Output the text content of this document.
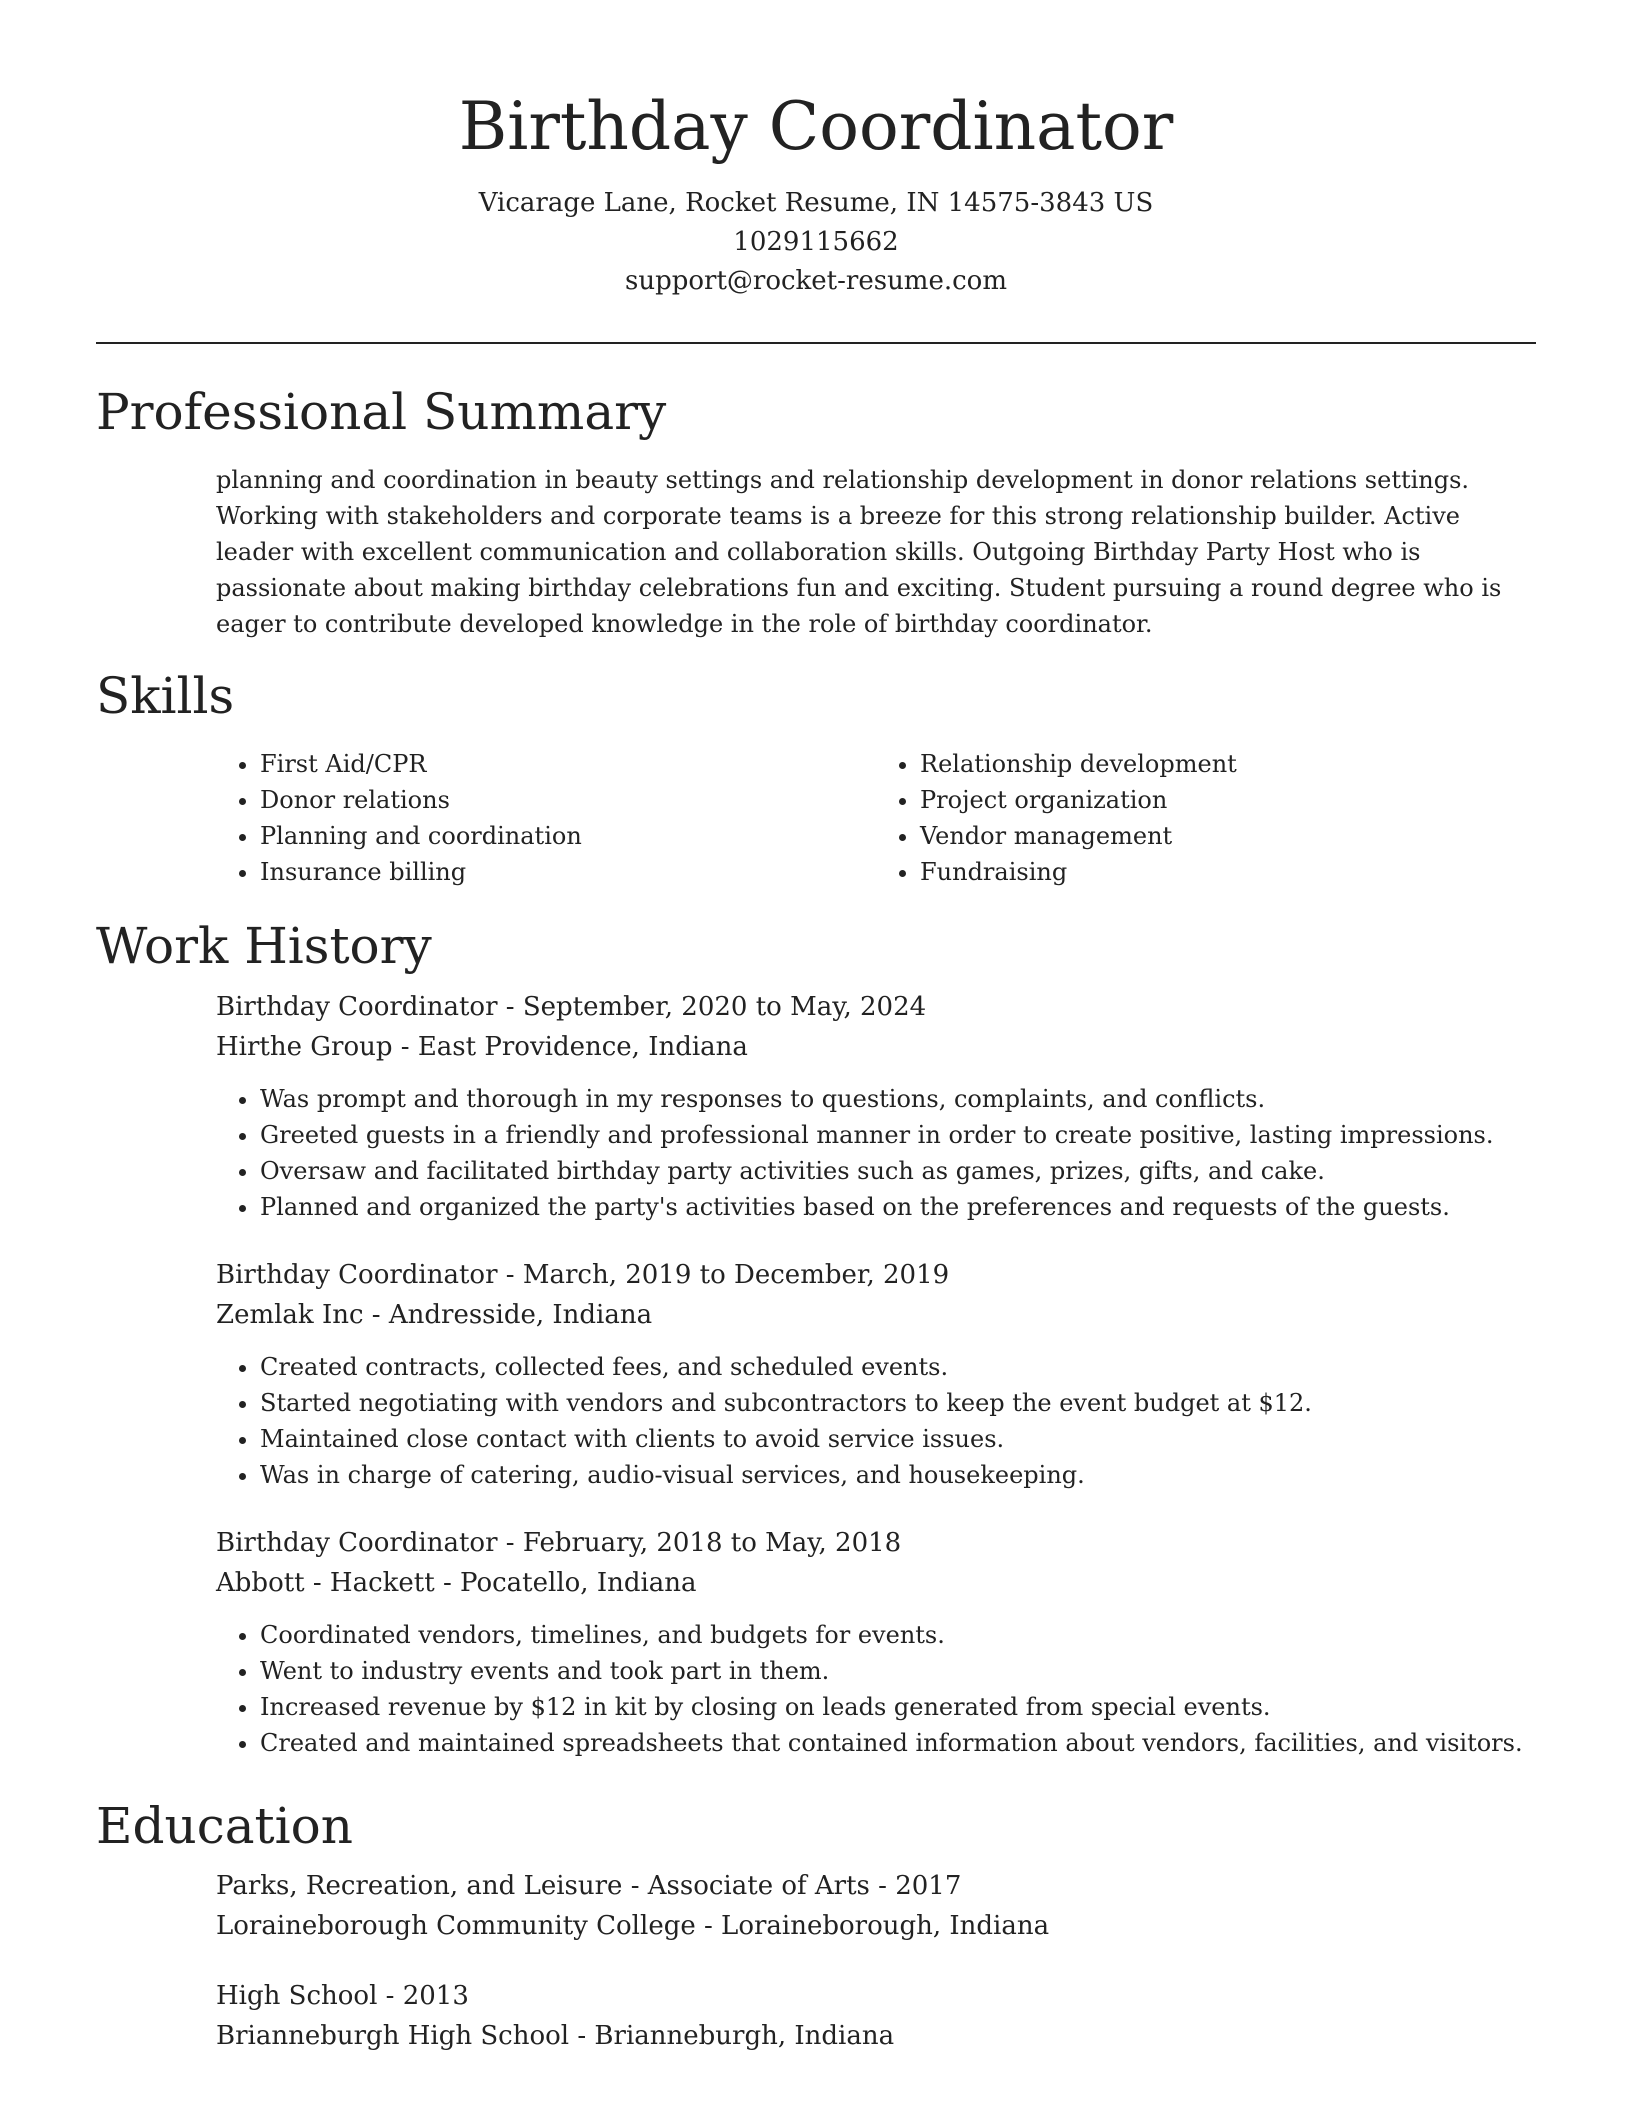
Birthday Coordinator
Vicarage Lane, Rocket Resume, IN 14575-3843 US
1029115662
support@rocket-resume.com
Professional Summary

planning and coordination in beauty settings and relationship development in donor relations settings. Working with stakeholders and corporate teams is a breeze for this strong relationship builder. Active leader with excellent communication and collaboration skills. Outgoing Birthday Party Host who is passionate about making birthday celebrations fun and exciting. Student pursuing a round degree who is eager to contribute developed knowledge in the role of birthday coordinator.

Skills
• First Aid/CPR
• Donor relations
• Planning and coordination
• Insurance billing
• Relationship development
• Project organization
• Vendor management
• Fundraising
Work History

Birthday Coordinator - September, 2020 to May, 2024

Hirthe Group - East Providence, Indiana

• Was prompt and thorough in my responses to questions, complaints, and conflicts.
• Greeted guests in a friendly and professional manner in order to create positive, lasting impressions.
• Oversaw and facilitated birthday party activities such as games, prizes, gifts, and cake.
• Planned and organized the party's activities based on the preferences and requests of the guests.

Birthday Coordinator - March, 2019 to December, 2019

Zemlak Inc - Andresside, Indiana

• Created contracts, collected fees, and scheduled events.
• Started negotiating with vendors and subcontractors to keep the event budget at $12.
• Maintained close contact with clients to avoid service issues.
• Was in charge of catering, audio-visual services, and housekeeping.

Birthday Coordinator - February, 2018 to May, 2018

Abbott - Hackett - Pocatello, Indiana

• Coordinated vendors, timelines, and budgets for events.
• Went to industry events and took part in them.
• Increased revenue by $12 in kit by closing on leads generated from special events.
• Created and maintained spreadsheets that contained information about vendors, facilities, and visitors.
Education

Parks, Recreation, and Leisure - Associate of Arts - 2017

Loraineborough Community College - Loraineborough, Indiana

High School - 2013

Brianneburgh High School - Brianneburgh, Indiana
